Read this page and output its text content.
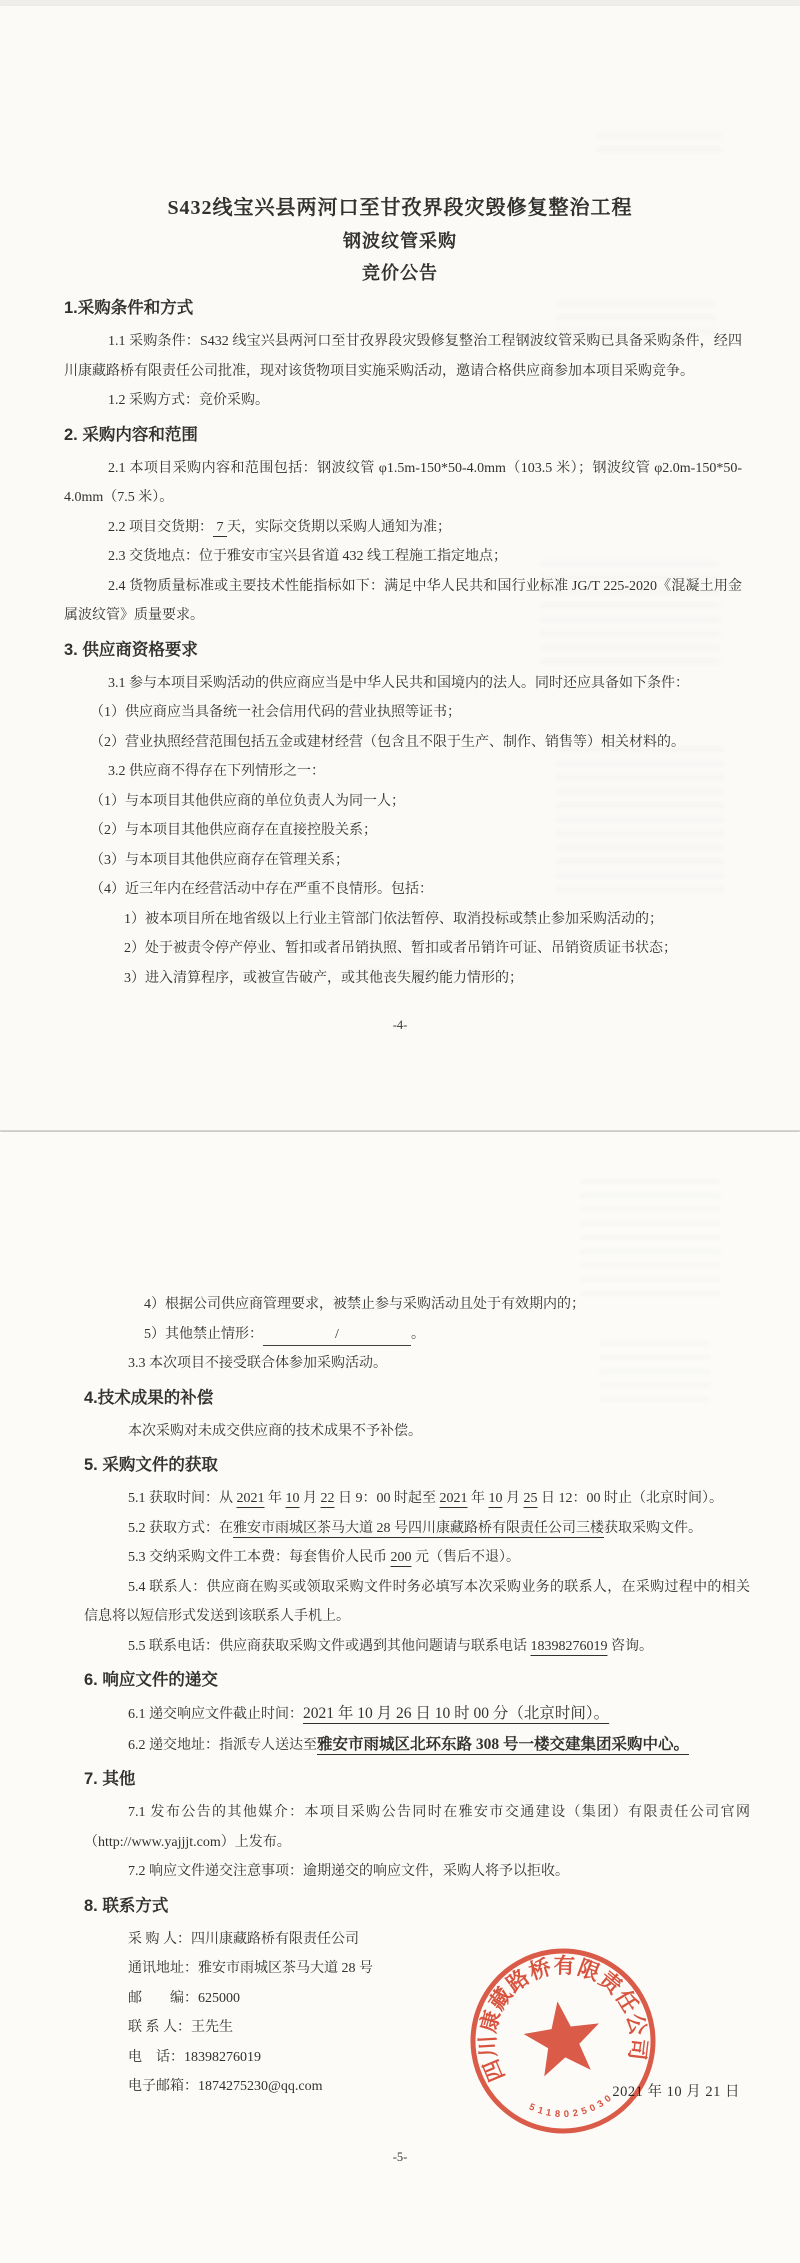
S432线宝兴县两河口至甘孜界段灾毁修复整治工程
钢波纹管采购
竞价公告

1.采购条件和方式

1.1 采购条件：S432 线宝兴县两河口至甘孜界段灾毁修复整治工程钢波纹管采购已具备采购条件，经四川康藏路桥有限责任公司批准，现对该货物项目实施采购活动，邀请合格供应商参加本项目采购竞争。

1.2 采购方式：竞价采购。

2. 采购内容和范围

2.1 本项目采购内容和范围包括：钢波纹管 φ1.5m-150*50-4.0mm（103.5 米）；钢波纹管 φ2.0m-150*50-4.0mm（7.5 米）。

2.2 项目交货期： 7 天，实际交货期以采购人通知为准；

2.3 交货地点：位于雅安市宝兴县省道 432 线工程施工指定地点；

2.4 货物质量标准或主要技术性能指标如下：满足中华人民共和国行业标准 JG/T 225-2020《混凝土用金属波纹管》质量要求。

3. 供应商资格要求

3.1 参与本项目采购活动的供应商应当是中华人民共和国境内的法人。同时还应具备如下条件：

（1）供应商应当具备统一社会信用代码的营业执照等证书；

（2）营业执照经营范围包括五金或建材经营（包含且不限于生产、制作、销售等）相关材料的。

3.2 供应商不得存在下列情形之一：

（1）与本项目其他供应商的单位负责人为同一人；

（2）与本项目其他供应商存在直接控股关系；

（3）与本项目其他供应商存在管理关系；

（4）近三年内在经营活动中存在严重不良情形。包括：

1）被本项目所在地省级以上行业主管部门依法暂停、取消投标或禁止参加采购活动的；

2）处于被责令停产停业、暂扣或者吊销执照、暂扣或者吊销许可证、吊销资质证书状态；

3）进入清算程序，或被宣告破产，或其他丧失履约能力情形的；

-4-

4）根据公司供应商管理要求，被禁止参与采购活动且处于有效期内的；

5）其他禁止情形：	/	。

3.3 本次项目不接受联合体参加采购活动。

4.技术成果的补偿

本次采购对未成交供应商的技术成果不予补偿。

5. 采购文件的获取

5.1 获取时间：从 2021 年 10 月 22 日 9：00 时起至 2021 年 10 月 25 日 12：00 时止（北京时间）。

5.2 获取方式：在雅安市雨城区茶马大道 28 号四川康藏路桥有限责任公司三楼获取采购文件。

5.3 交纳采购文件工本费：每套售价人民币 200 元（售后不退）。

5.4 联系人：供应商在购买或领取采购文件时务必填写本次采购业务的联系人，在采购过程中的相关信息将以短信形式发送到该联系人手机上。

5.5 联系电话：供应商获取采购文件或遇到其他问题请与联系电话 18398276019 咨询。

6. 响应文件的递交

6.1 递交响应文件截止时间：2021 年 10 月 26 日 10 时 00 分（北京时间）。

6.2 递交地址：指派专人送达至雅安市雨城区北环东路 308 号一楼交建集团采购中心。

7. 其他

7.1 发布公告的其他媒介：本项目采购公告同时在雅安市交通建设（集团）有限责任公司官网（http://www.yajjjt.com）上发布。

7.2 响应文件递交注意事项：逾期递交的响应文件，采购人将予以拒收。

8. 联系方式

采 购 人：四川康藏路桥有限责任公司

通讯地址：雅安市雨城区茶马大道 28 号

邮　　编：625000

联 系 人：王先生

电　话：18398276019

电子邮箱：1874275230@qq.com	2021 年 10 月 21 日
四川康藏路桥有限责任公司
5118025030
-5-
